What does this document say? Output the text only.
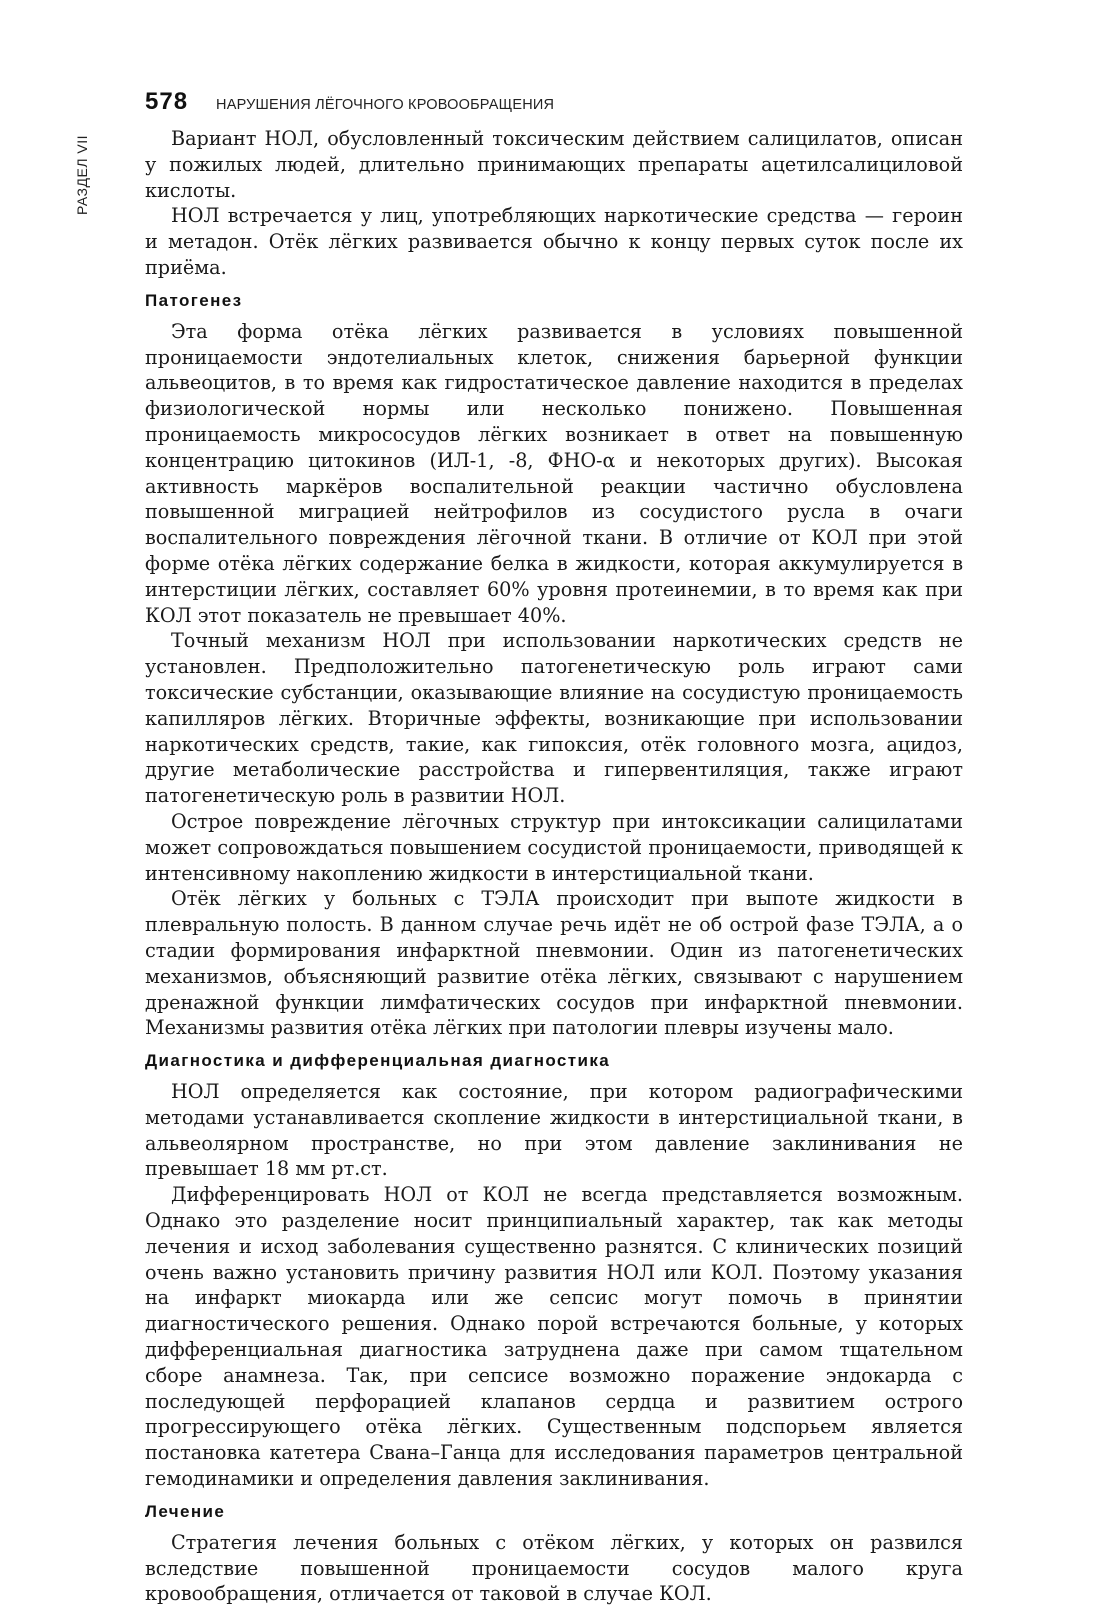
РАЗДЕЛ VII
578 НАРУШЕНИЯ ЛЁГОЧНОГО КРОВООБРАЩЕНИЯ

Вариант НОЛ, обусловленный токсическим действием салицилатов, описан у пожилых людей, длительно принимающих препараты ацетилсалициловой кислоты.

НОЛ встречается у лиц, употребляющих наркотические средства — героин и метадон. Отёк лёгких развивается обычно к концу первых суток после их приёма.

Патогенез

Эта форма отёка лёгких развивается в условиях повышенной проницаемости эндотелиальных клеток, снижения барьерной функции альвеоцитов, в то время как гидростатическое давление находится в пределах физиологической нормы или несколько понижено. Повышенная проницаемость микрососудов лёгких возникает в ответ на повышенную концентрацию цитокинов (ИЛ-1, -8, ФНО-α и некоторых других). Высокая активность маркёров воспалительной реакции частично обусловлена повышенной миграцией нейтрофилов из сосудистого русла в очаги воспалительного повреждения лёгочной ткани. В отличие от КОЛ при этой форме отёка лёгких содержание белка в жидкости, которая аккумулируется в интерстиции лёгких, составляет 60% уровня протеинемии, в то время как при КОЛ этот показатель не превышает 40%.

Точный механизм НОЛ при использовании наркотических средств не установлен. Предположительно патогенетическую роль играют сами токсические субстанции, оказывающие влияние на сосудистую проницаемость капилляров лёгких. Вторичные эффекты, возникающие при использовании наркотических средств, такие, как гипоксия, отёк головного мозга, ацидоз, другие метаболические расстройства и гипервентиляция, также играют патогенетическую роль в развитии НОЛ.

Острое повреждение лёгочных структур при интоксикации салицилатами может сопровождаться повышением сосудистой проницаемости, приводящей к интенсивному накоплению жидкости в интерстициальной ткани.

Отёк лёгких у больных с ТЭЛА происходит при выпоте жидкости в плевральную полость. В данном случае речь идёт не об острой фазе ТЭЛА, а о стадии формирования инфарктной пневмонии. Один из патогенетических механизмов, объясняющий развитие отёка лёгких, связывают с нарушением дренажной функции лимфатических сосудов при инфарктной пневмонии. Механизмы развития отёка лёгких при патологии плевры изучены мало.

Диагностика и дифференциальная диагностика

НОЛ определяется как состояние, при котором радиографическими методами устанавливается скопление жидкости в интерстициальной ткани, в альвеолярном пространстве, но при этом давление заклинивания не превышает 18 мм рт.ст.

Дифференцировать НОЛ от КОЛ не всегда представляется возможным. Однако это разделение носит принципиальный характер, так как методы лечения и исход заболевания существенно разнятся. С клинических позиций очень важно установить причину развития НОЛ или КОЛ. Поэтому указания на инфаркт миокарда или же сепсис могут помочь в принятии диагностического решения. Однако порой встречаются больные, у которых дифференциальная диагностика затруднена даже при самом тщательном сборе анамнеза. Так, при сепсисе возможно поражение эндокарда с последующей перфорацией клапанов сердца и развитием острого прогрессирующего отёка лёгких. Существенным подспорьем является постановка катетера Свана–Ганца для исследования параметров центральной гемодинамики и определения давления заклинивания.

Лечение

Стратегия лечения больных с отёком лёгких, у которых он развился вследствие повышенной проницаемости сосудов малого круга кровообращения, отличается от таковой в случае КОЛ.
